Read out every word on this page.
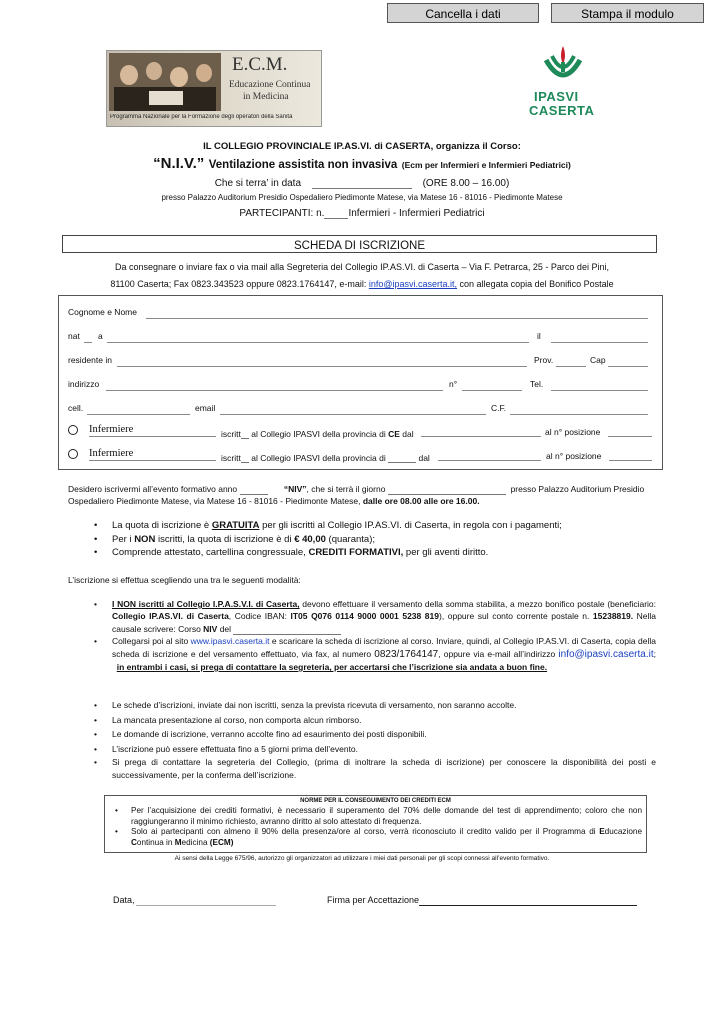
Cancella i dati	Stampa il modulo
E.C.M.
Educazione Continua
in Medicina
Programma Nazionale per la Formazione degli operatori della Sanità
IPASVI
CASERTA
IL COLLEGIO PROVINCIALE IP.AS.VI. di CASERTA, organizza il Corso:
“N.I.V.” Ventilazione assistita non invasiva (Ecm per Infermieri e Infermieri Pediatrici)
Che si terra’ in data	(ORE 8.00 – 16.00)
presso Palazzo Auditorium Presidio Ospedaliero Piedimonte Matese, via Matese 16 - 81016 - Piedimonte Matese
PARTECIPANTI: n. Infermieri - Infermieri Pediatrici
SCHEDA DI ISCRIZIONE
Da consegnare o inviare fax o via mail alla Segreteria del Collegio IP.AS.VI. di Caserta – Via F. Petrarca, 25 - Parco dei Pini,
81100 Caserta; Fax 0823.343523 oppure 0823.1764147, e-mail: info@ipasvi.caserta.it, con allegata copia del Bonifico Postale
Cognome e Nome
nat a	il
residente in	Prov.	Cap
indirizzo	n°	Tel.
cell.	email	C.F.
Infermiere	iscritt al Collegio IPASVI della provincia di CE dal	al n° posizione
Infermiere	iscritt al Collegio IPASVI della provincia di	dal	al n° posizione
Desidero iscrivermi all’evento formativo anno	“NIV”, che si terrà il giorno	presso Palazzo Auditorium Presidio
Ospedaliero Piedimonte Matese, via Matese 16 - 81016 - Piedimonte Matese, dalle ore 08.00 alle ore 16.00.
• La quota di iscrizione è GRATUITA per gli iscritti al Collegio IP.AS.VI. di Caserta, in regola con i pagamenti;
• Per i NON iscritti, la quota di iscrizione è di € 40,00 (quaranta);
• Comprende attestato, cartellina congressuale, CREDITI FORMATIVI, per gli aventi diritto.
L’iscrizione si effettua scegliendo una tra le seguenti modalità:
• I NON iscritti al Collegio I.P.A.S.V.I. di Caserta, devono effettuare il versamento della somma stabilita, a mezzo bonifico postale (beneficiario: Collegio IP.AS.VI. di Caserta, Codice IBAN: IT05 Q076 0114 9000 0001 5238 819), oppure sul conto corrente postale n. 15238819. Nella causale scrivere: Corso NIV del
• Collegarsi poi al sito www.ipasvi.caserta.it e scaricare la scheda di iscrizione al corso. Inviare, quindi, al Collegio IP.AS.VI. di Caserta, copia della scheda di iscrizione e del versamento effettuato, via fax, al numero 0823/1764147, oppure via e-mail all’indirizzo info@ipasvi.caserta.it;   in entrambi i casi, si prega di contattare la segreteria, per accertarsi che l’iscrizione sia andata a buon fine.
• Le schede d’iscrizioni, inviate dai non iscritti, senza la prevista ricevuta di versamento, non saranno accolte.
• La mancata presentazione al corso, non comporta alcun rimborso.
• Le domande di iscrizione, verranno accolte fino ad esaurimento dei posti disponibili.
• L’iscrizione può essere effettuata fino a 5 giorni prima dell’evento.
• Si prega di contattare la segreteria del Collegio, (prima di inoltrare la scheda di iscrizione) per conoscere la disponibilità dei posti e successivamente, per la conferma dell’iscrizione.
NORME PER IL CONSEGUIMENTO DEI CREDITI ECM
• Per l’acquisizione dei crediti formativi, è necessario il superamento del 70% delle domande del test di apprendimento; coloro che non raggiungeranno il minimo richiesto, avranno diritto al solo attestato di frequenza.
• Solo ai partecipanti con almeno il 90% della presenza/ore al corso, verrà riconosciuto il credito valido per il Programma di Educazione Continua in Medicina (ECM)
Ai sensi della Legge 675/96, autorizzo gli organizzatori ad utilizzare i miei dati personali per gli scopi connessi all’evento formativo.
Data,	Firma per Accettazione
